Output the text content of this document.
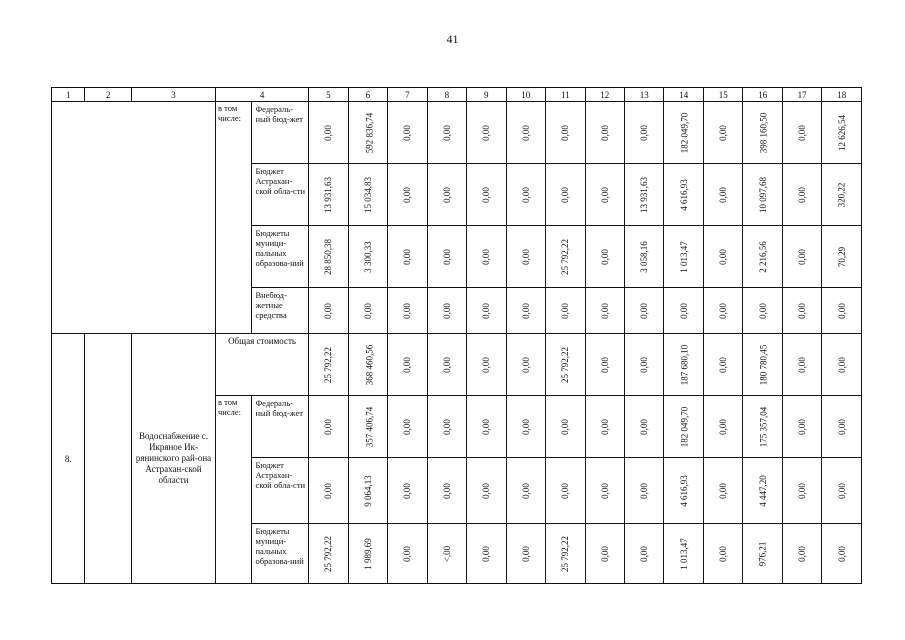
41
1	2	3	4		5	6	7	8	9	10	11	12	13	14	15	16	17	18
			в том числе:	Федераль-ный бюд-жет	0,00	592 836,74	0,00	0,00	0,00	0,00	0,00	0,00	0,00	182 049,70	0,00	398 160,50	0,00	12 626,54
				Бюджет Астрахан-ской обла-сти	13 931,63	15 034,83	0,00	0,00	0,00	0,00	0,00	0,00	13 931,63	4 616,93	0,00	10 097,68	0,00	320,22
				Бюджеты муници-пальных образова-ний	28 850,38	3 300,33	0,00	0,00	0,00	0,00	25 792,22	0,00	3 058,16	1 013,47	0,00	2 216,56	0,00	70,29
				Внебюд-жетные средства	0,00	0,00	0,00	0,00	0,00	0,00	0,00	0,00	0,00	0,00	0,00	0,00	0,00	0,00
8.		Водоснабжение с. Икряное Ик-рянинского рай-она Астрахан-ской области	Общая стоимость		25 792,22	368 460,56	0,00	0,00	0,00	0,00	25 792,22	0,00	0,00	187 680,10	0,00	180 780,45	0,00	0,00
			в том числе:	Федераль-ный бюд-жет	0,00	357 406,74	0,00	0,00	0,00	0,00	0,00	0,00	0,00	182 049,70	0,00	175 357,04	0,00	0,00
				Бюджет Астрахан-ской обла-сти	0,00	9 064,13	0,00	0,00	0,00	0,00	0,00	0,00	0,00	4 616,93	0,00	4 447,20	0,00	0,00
				Бюджеты муници-пальных образова-ний	25 792,22	1 989,69	0,00	<,00	0,00	0,00	25 792,22	0,00	0,00	1 013,47	0,00	976,21	0,00	0,00
